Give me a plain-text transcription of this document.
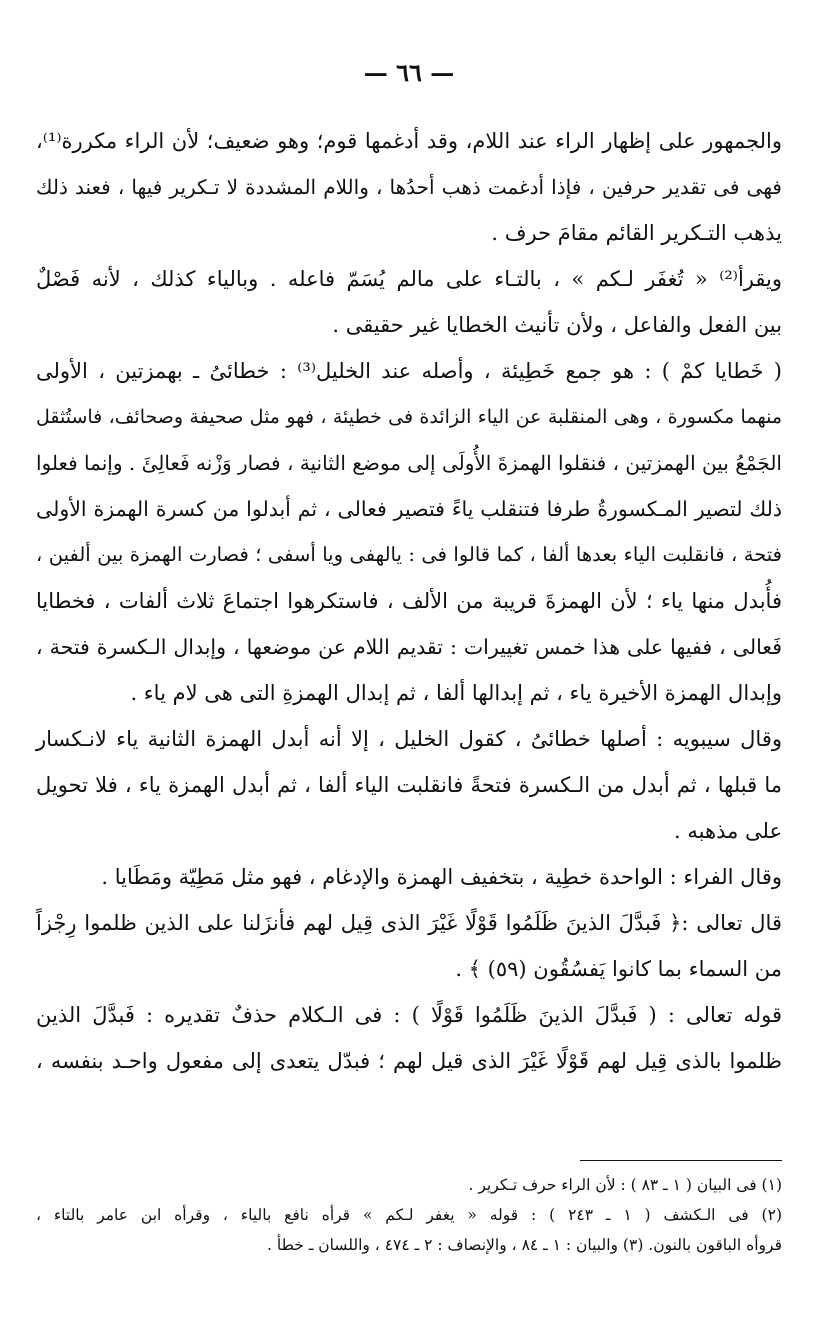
— ٦٦ —
والجمهور على إظهار الراء عند اللام، وقد أدغمها قوم؛ وهو ضعيف؛ لأن الراء مكررة⁽¹⁾،
فهى فى تقدير حرفين ، فإذا أدغمت ذهب أحدُها ، واللام المشددة لا تـكرير فيها ، فعند ذلك
يذهب التـكرير القائم مقامَ حرف .
ويقرأ⁽²⁾ « تُغفَر لـكم » ، بالتـاء على مالم يُسَمّ فاعله . وبالياء كذلك ، لأنه فَصْلٌ
بين الفعل والفاعل ، ولأن تأنيث الخطايا غير حقيقى .
( خَطايا كمْ ) : هو جمع خَطِيئة ، وأصله عند الخليل⁽³⁾ : خطائىُ ـ بهمزتين ، الأولى
منهما مكسورة ، وهى المنقلبة عن الياء الزائدة فى خطيئة ، فهو مثل صحيفة وصحائف، فاستُثقل
الجَمْعُ بين الهمزتين ، فنقلوا الهمزةَ الأُولَى إلى موضع الثانية ، فصار وَزْنه فَعالِئَ . وإنما فعلوا
ذلك لتصير المـكسورةُ طرفا فتنقلب ياءً فتصير فعالى ، ثم أبدلوا من كسرة الهمزة الأولى
فتحة ، فانقلبت الياء بعدها ألفا ، كما قالوا فى : يالهفى ويا أسفى ؛ فصارت الهمزة بين ألفين ،
فأُبدل منها ياء ؛ لأن الهمزةَ قريبة من الألف ، فاستكرهوا اجتماعَ ثلاث ألفات ، فخطايا
فَعالى ، ففيها على هذا خمس تغييرات : تقديم اللام عن موضعها ، وإبدال الـكسرة فتحة ،
وإبدال الهمزة الأخيرة ياء ، ثم إبدالها ألفا ، ثم إبدال الهمزةِ التى هى لام ياء .
وقال سيبويه : أصلها خطائىُ ، كقول الخليل ، إلا أنه أبدل الهمزة الثانية ياء لانـكسار
ما قبلها ، ثم أبدل من الـكسرة فتحةً فانقلبت الياء ألفا ، ثم أبدل الهمزة ياء ، فلا تحويل
على مذهبه .
وقال الفراء : الواحدة خطِية ، بتخفيف الهمزة والإدغام ، فهو مثل مَطِيّة ومَطَايا .
قال تعالى :﴿ فَبدَّلَ الذينَ ظَلَمُوا قَوْلًا غَيْرَ الذى قِيل لهم فأنزَلنا على الذين ظلموا رِجْزاً
من السماء بما كانوا يَفسُقُون (٥٩) ﴾ .
قوله تعالى : ( فَبدَّلَ الذينَ ظَلَمُوا قَوْلًا ) : فى الـكلام حذفٌ تقديره : فَبدَّلَ الذين
ظلموا بالذى قِيل لهم قَوْلًا غَيْرَ الذى قيل لهم ؛ فبدّل يتعدى إلى مفعول واحـد بنفسه ،
(١) فى البيان ( ١ ـ ٨٣ ) : لأن الراء حرف تـكرير .
(٢) فى الـكشف ( ١ ـ ٢٤٣ ) : قوله « يغفر لـكم » قرأه نافع بالياء ، وقرأه ابن عامر بالتاء ،
قروأه الباقون بالنون. (٣) والبيان : ١ ـ ٨٤ ، والإنصاف : ٢ ـ ٤٧٤ ، واللسان ـ خطأ .
